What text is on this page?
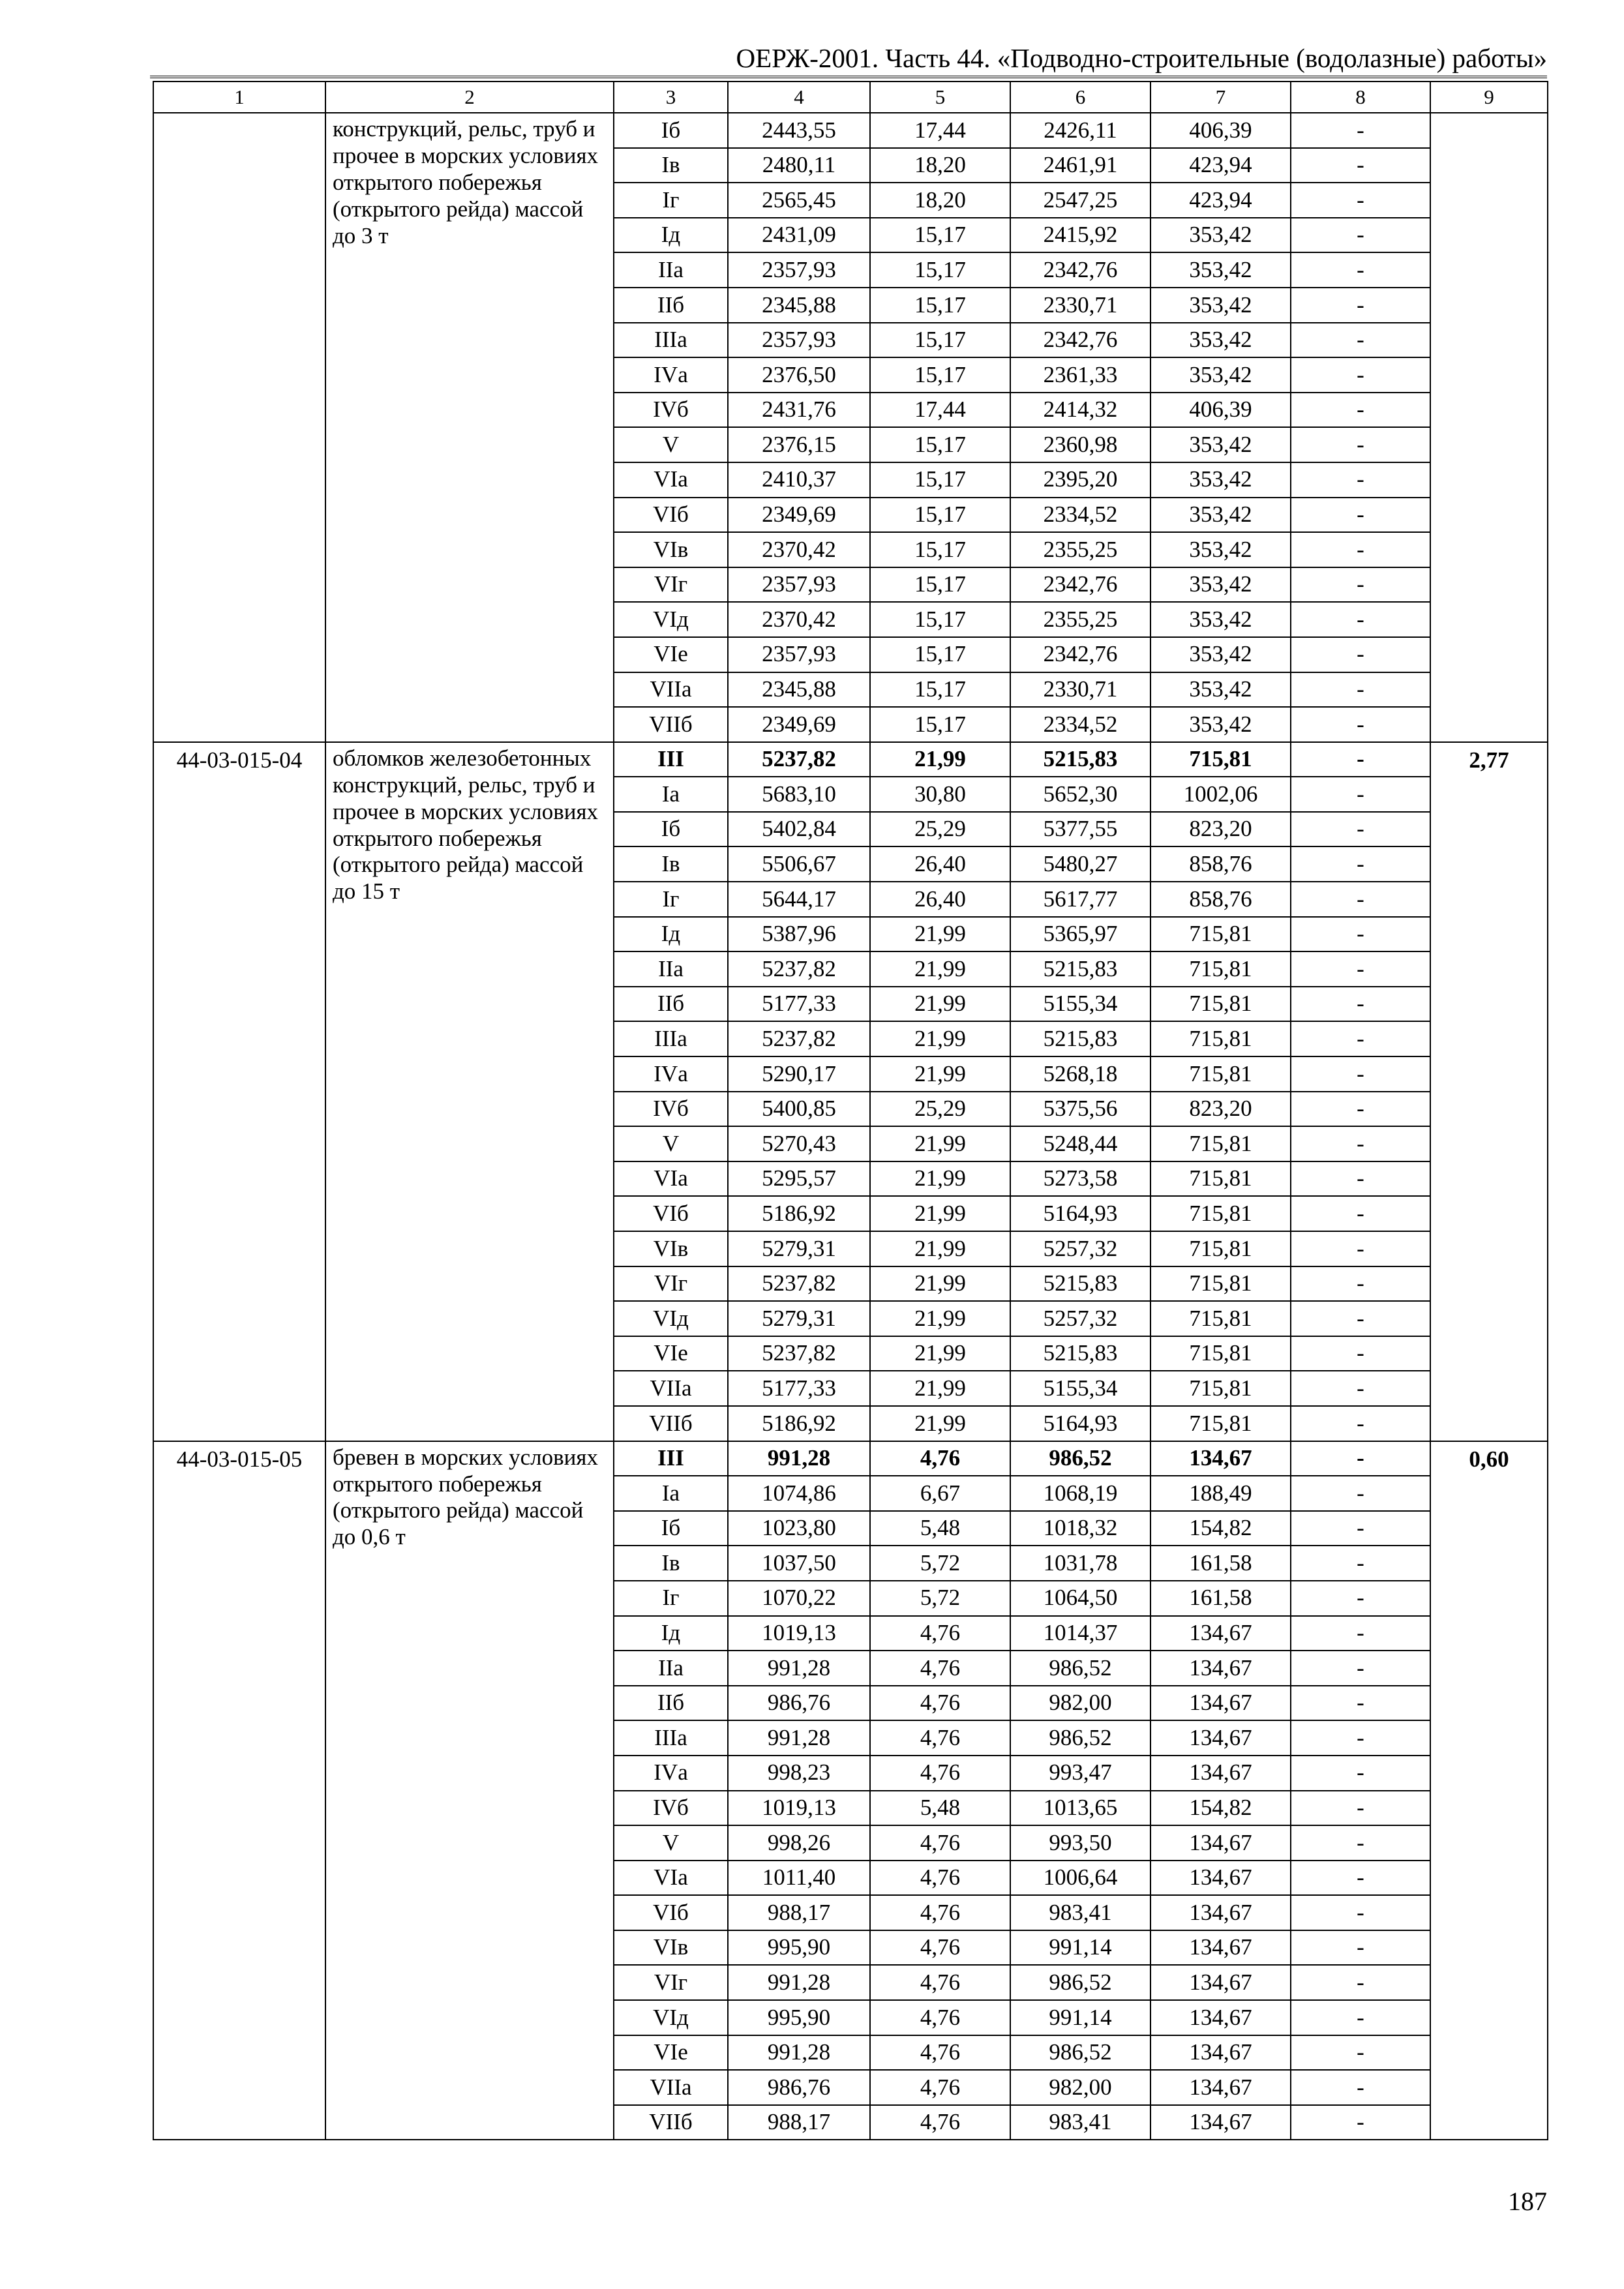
ОЕРЖ-2001. Часть 44. «Подводно-строительные (водолазные) работы»
1	2	3	4	5	6	7	8	9
	конструкций, рельс, труб и прочее в морских условиях открытого побережья (открытого рейда) массой до 3 т	Iб	2443,55	17,44	2426,11	406,39	-	
		Iв	2480,11	18,20	2461,91	423,94	-	
		Iг	2565,45	18,20	2547,25	423,94	-	
		Iд	2431,09	15,17	2415,92	353,42	-	
		IIа	2357,93	15,17	2342,76	353,42	-	
		IIб	2345,88	15,17	2330,71	353,42	-	
		IIIа	2357,93	15,17	2342,76	353,42	-	
		IVа	2376,50	15,17	2361,33	353,42	-	
		IVб	2431,76	17,44	2414,32	406,39	-	
		V	2376,15	15,17	2360,98	353,42	-	
		VIа	2410,37	15,17	2395,20	353,42	-	
		VIб	2349,69	15,17	2334,52	353,42	-	
		VIв	2370,42	15,17	2355,25	353,42	-	
		VIг	2357,93	15,17	2342,76	353,42	-	
		VIд	2370,42	15,17	2355,25	353,42	-	
		VIе	2357,93	15,17	2342,76	353,42	-	
		VIIа	2345,88	15,17	2330,71	353,42	-	
		VIIб	2349,69	15,17	2334,52	353,42	-	
44-03-015-04	обломков железобетонных конструкций, рельс, труб и прочее в морских условиях открытого побережья (открытого рейда) массой до 15 т	III	5237,82	21,99	5215,83	715,81	-	2,77
		Iа	5683,10	30,80	5652,30	1002,06	-	
		Iб	5402,84	25,29	5377,55	823,20	-	
		Iв	5506,67	26,40	5480,27	858,76	-	
		Iг	5644,17	26,40	5617,77	858,76	-	
		Iд	5387,96	21,99	5365,97	715,81	-	
		IIа	5237,82	21,99	5215,83	715,81	-	
		IIб	5177,33	21,99	5155,34	715,81	-	
		IIIа	5237,82	21,99	5215,83	715,81	-	
		IVа	5290,17	21,99	5268,18	715,81	-	
		IVб	5400,85	25,29	5375,56	823,20	-	
		V	5270,43	21,99	5248,44	715,81	-	
		VIа	5295,57	21,99	5273,58	715,81	-	
		VIб	5186,92	21,99	5164,93	715,81	-	
		VIв	5279,31	21,99	5257,32	715,81	-	
		VIг	5237,82	21,99	5215,83	715,81	-	
		VIд	5279,31	21,99	5257,32	715,81	-	
		VIе	5237,82	21,99	5215,83	715,81	-	
		VIIа	5177,33	21,99	5155,34	715,81	-	
		VIIб	5186,92	21,99	5164,93	715,81	-	
44-03-015-05	бревен в морских условиях открытого побережья (открытого рейда) массой до 0,6 т	III	991,28	4,76	986,52	134,67	-	0,60
		Iа	1074,86	6,67	1068,19	188,49	-	
		Iб	1023,80	5,48	1018,32	154,82	-	
		Iв	1037,50	5,72	1031,78	161,58	-	
		Iг	1070,22	5,72	1064,50	161,58	-	
		Iд	1019,13	4,76	1014,37	134,67	-	
		IIа	991,28	4,76	986,52	134,67	-	
		IIб	986,76	4,76	982,00	134,67	-	
		IIIа	991,28	4,76	986,52	134,67	-	
		IVа	998,23	4,76	993,47	134,67	-	
		IVб	1019,13	5,48	1013,65	154,82	-	
		V	998,26	4,76	993,50	134,67	-	
		VIа	1011,40	4,76	1006,64	134,67	-	
		VIб	988,17	4,76	983,41	134,67	-	
		VIв	995,90	4,76	991,14	134,67	-	
		VIг	991,28	4,76	986,52	134,67	-	
		VIд	995,90	4,76	991,14	134,67	-	
		VIе	991,28	4,76	986,52	134,67	-	
		VIIа	986,76	4,76	982,00	134,67	-	
		VIIб	988,17	4,76	983,41	134,67	-	
187
